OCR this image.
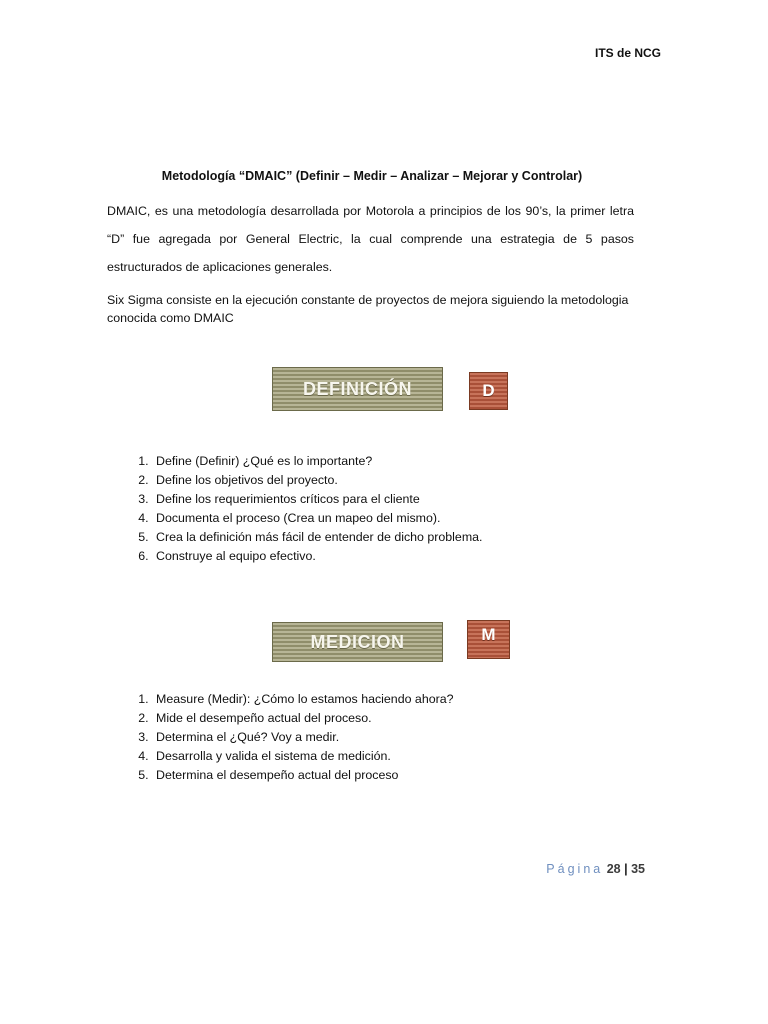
ITS de NCG
Metodología “DMAIC” (Definir – Medir – Analizar – Mejorar y Controlar)
DMAIC, es una metodología desarrollada por Motorola a principios de los 90’s, la primer letra “D” fue agregada por General Electric, la cual comprende una estrategia de 5 pasos estructurados de aplicaciones generales.
Six Sigma consiste en la ejecución constante de proyectos de mejora siguiendo la metodologia conocida como DMAIC
DEFINICIÓN	D
1. Define (Definir) ¿Qué es lo importante?
2. Define los objetivos del proyecto.
3. Define los requerimientos críticos para el cliente
4. Documenta el proceso (Crea un mapeo del mismo).
5. Crea la definición más fácil de entender de dicho problema.
6. Construye al equipo efectivo.
MEDICION	M
1. Measure (Medir): ¿Cómo lo estamos haciendo ahora?
2. Mide el desempeño actual del proceso.
3. Determina el ¿Qué? Voy a medir.
4. Desarrolla y valida el sistema de medición.
5. Determina el desempeño actual del proceso
Página 28 | 35
